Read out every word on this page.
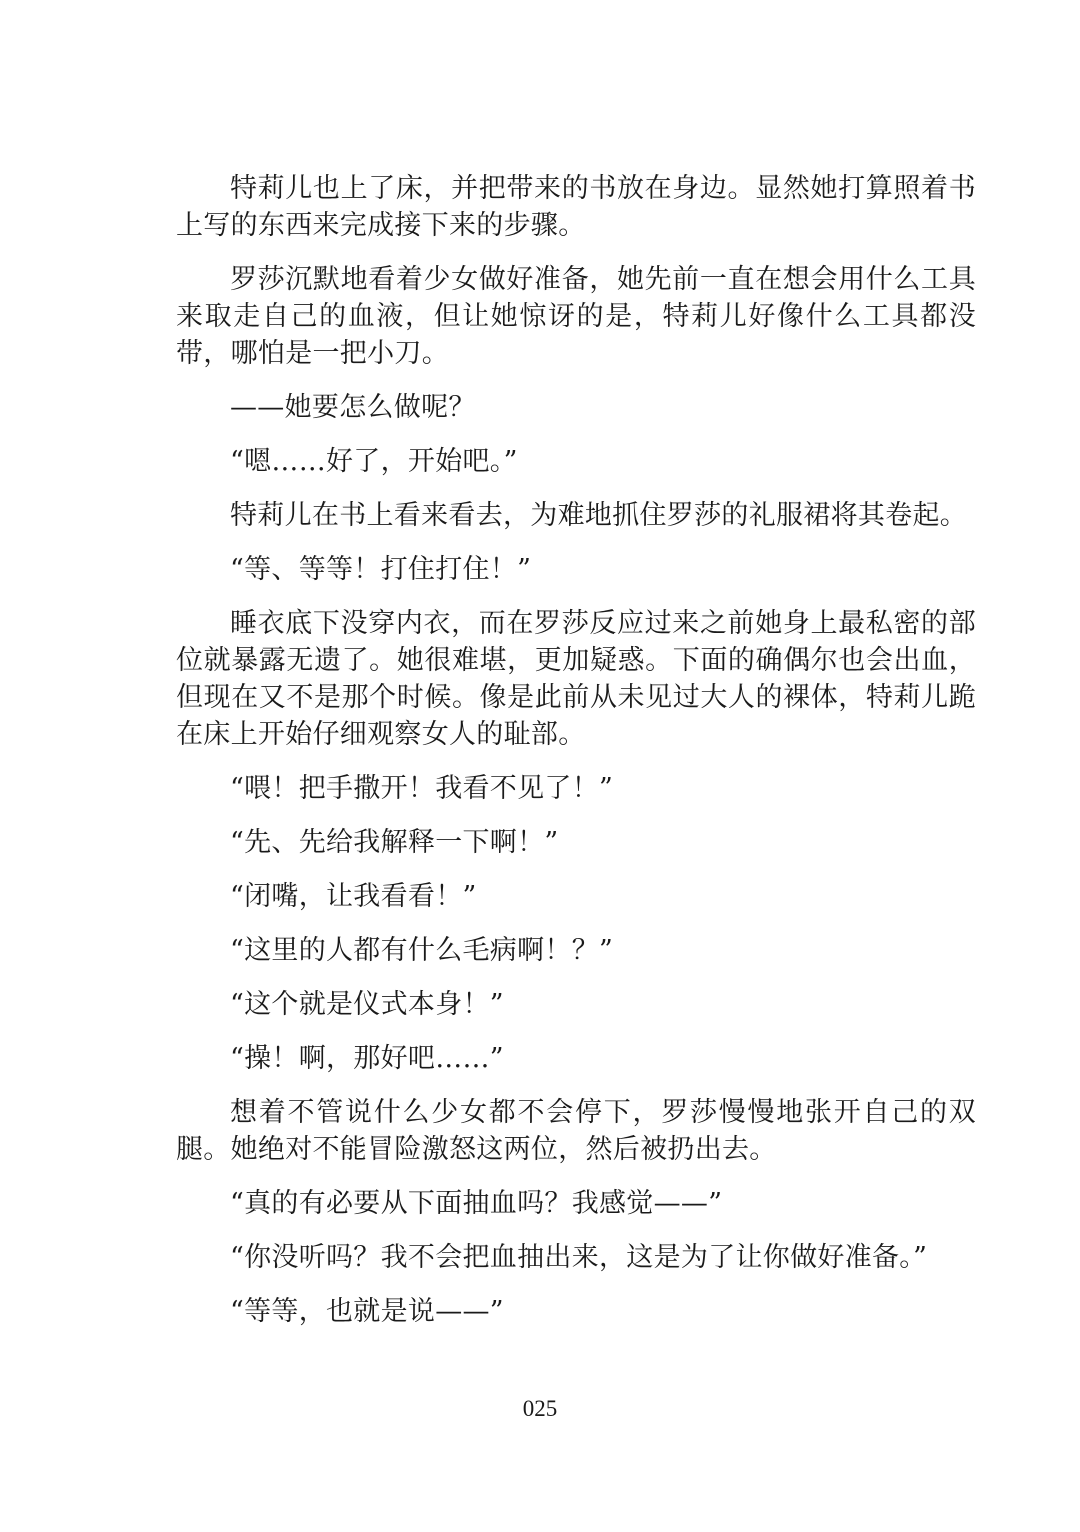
特莉儿也上了床，并把带来的书放在身边。显然她打算照着书上写的东西来完成接下来的步骤。

罗莎沉默地看着少女做好准备，她先前一直在想会用什么工具来取走自己的血液，但让她惊讶的是，特莉儿好像什么工具都没带，哪怕是一把小刀。

——她要怎么做呢？

“嗯……好了，开始吧。”

特莉儿在书上看来看去，为难地抓住罗莎的礼服裙将其卷起。

“等、等等！打住打住！”

睡衣底下没穿内衣，而在罗莎反应过来之前她身上最私密的部位就暴露无遗了。她很难堪，更加疑惑。下面的确偶尔也会出血，但现在又不是那个时候。像是此前从未见过大人的裸体，特莉儿跪在床上开始仔细观察女人的耻部。

“喂！把手撒开！我看不见了！”

“先、先给我解释一下啊！”

“闭嘴，让我看看！”

“这里的人都有什么毛病啊！？”

“这个就是仪式本身！”

“操！啊，那好吧……”

想着不管说什么少女都不会停下，罗莎慢慢地张开自己的双腿。她绝对不能冒险激怒这两位，然后被扔出去。

“真的有必要从下面抽血吗？我感觉——”

“你没听吗？我不会把血抽出来，这是为了让你做好准备。”

“等等，也就是说——”

025
